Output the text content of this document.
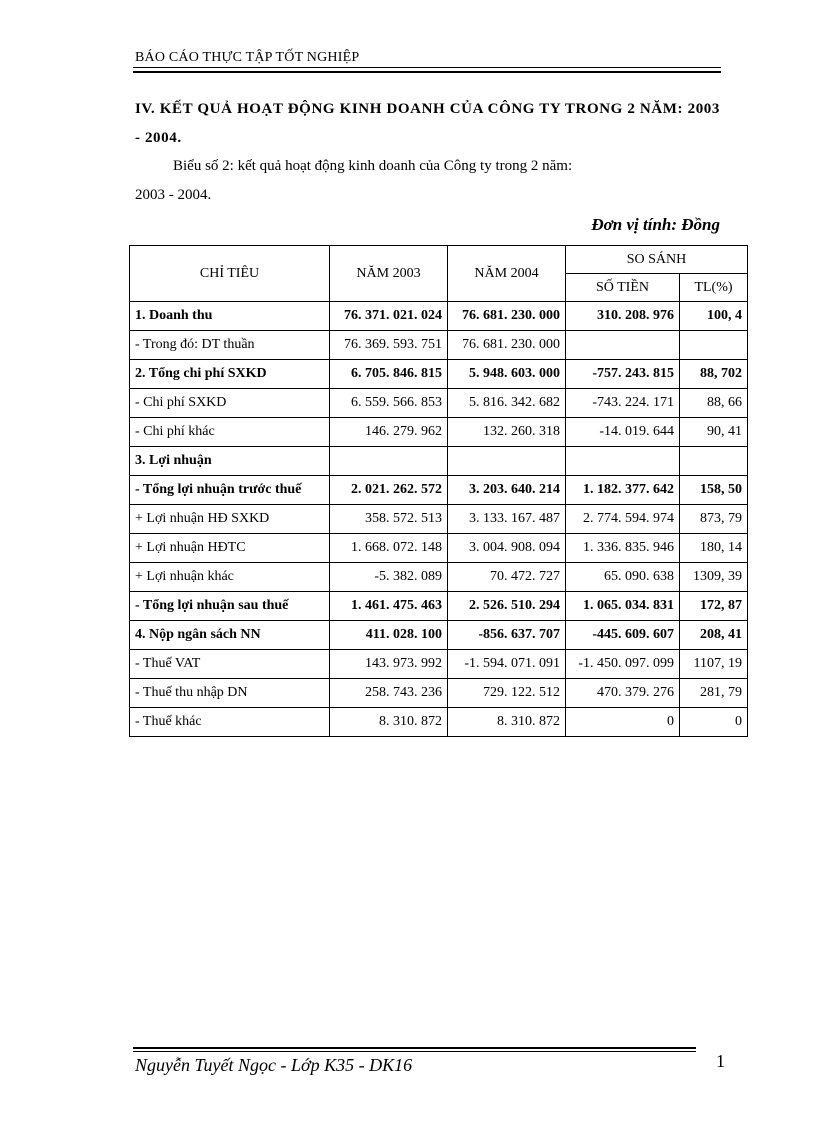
BÁO CÁO THỰC TẬP TỐT NGHIỆP
IV. KẾT QUẢ HOẠT ĐỘNG KINH DOANH CỦA CÔNG TY TRONG 2 NĂM: 2003 - 2004.
Biểu số 2: kết quả hoạt động kinh doanh của Công ty trong 2 năm:
2003 - 2004.
Đơn vị tính: Đồng
CHỈ TIÊU	NĂM 2003	NĂM 2004	SO SÁNH	
			SỐ TIỀN	TL(%)
1. Doanh thu	76. 371. 021. 024	76. 681. 230. 000	310. 208. 976	100, 4

- Trong đó: DT thuần	76. 369. 593. 751	76. 681. 230. 000		

2. Tổng chi phí SXKD	6. 705. 846. 815	5. 948. 603. 000	-757. 243. 815	88, 702

- Chi phí SXKD	6. 559. 566. 853	5. 816. 342. 682	-743. 224. 171	88, 66

- Chi phí khác	146. 279. 962	132. 260. 318	-14. 019. 644	90, 41

3. Lợi nhuận	

- Tổng lợi nhuận trước thuế	2. 021. 262. 572	3. 203. 640. 214	1. 182. 377. 642	158, 50

+ Lợi nhuận HĐ SXKD	358. 572. 513	3. 133. 167. 487	2. 774. 594. 974	873, 79

+ Lợi nhuận HĐTC	1. 668. 072. 148	3. 004. 908. 094	1. 336. 835. 946	180, 14

+ Lợi nhuận khác	-5. 382. 089	70. 472. 727	65. 090. 638	1309, 39

- Tổng lợi nhuận sau thuế	1. 461. 475. 463	2. 526. 510. 294	1. 065. 034. 831	172, 87

4. Nộp ngân sách NN	411. 028. 100	-856. 637. 707	-445. 609. 607	208, 41

- Thuế VAT	143. 973. 992	-1. 594. 071. 091	-1. 450. 097. 099	1107, 19

- Thuế thu nhập DN	258. 743. 236	729. 122. 512	470. 379. 276	281, 79

- Thuế khác	8. 310. 872	8. 310. 872	0	0
Nguyễn Tuyết Ngọc - Lớp K35 - DK16	1
